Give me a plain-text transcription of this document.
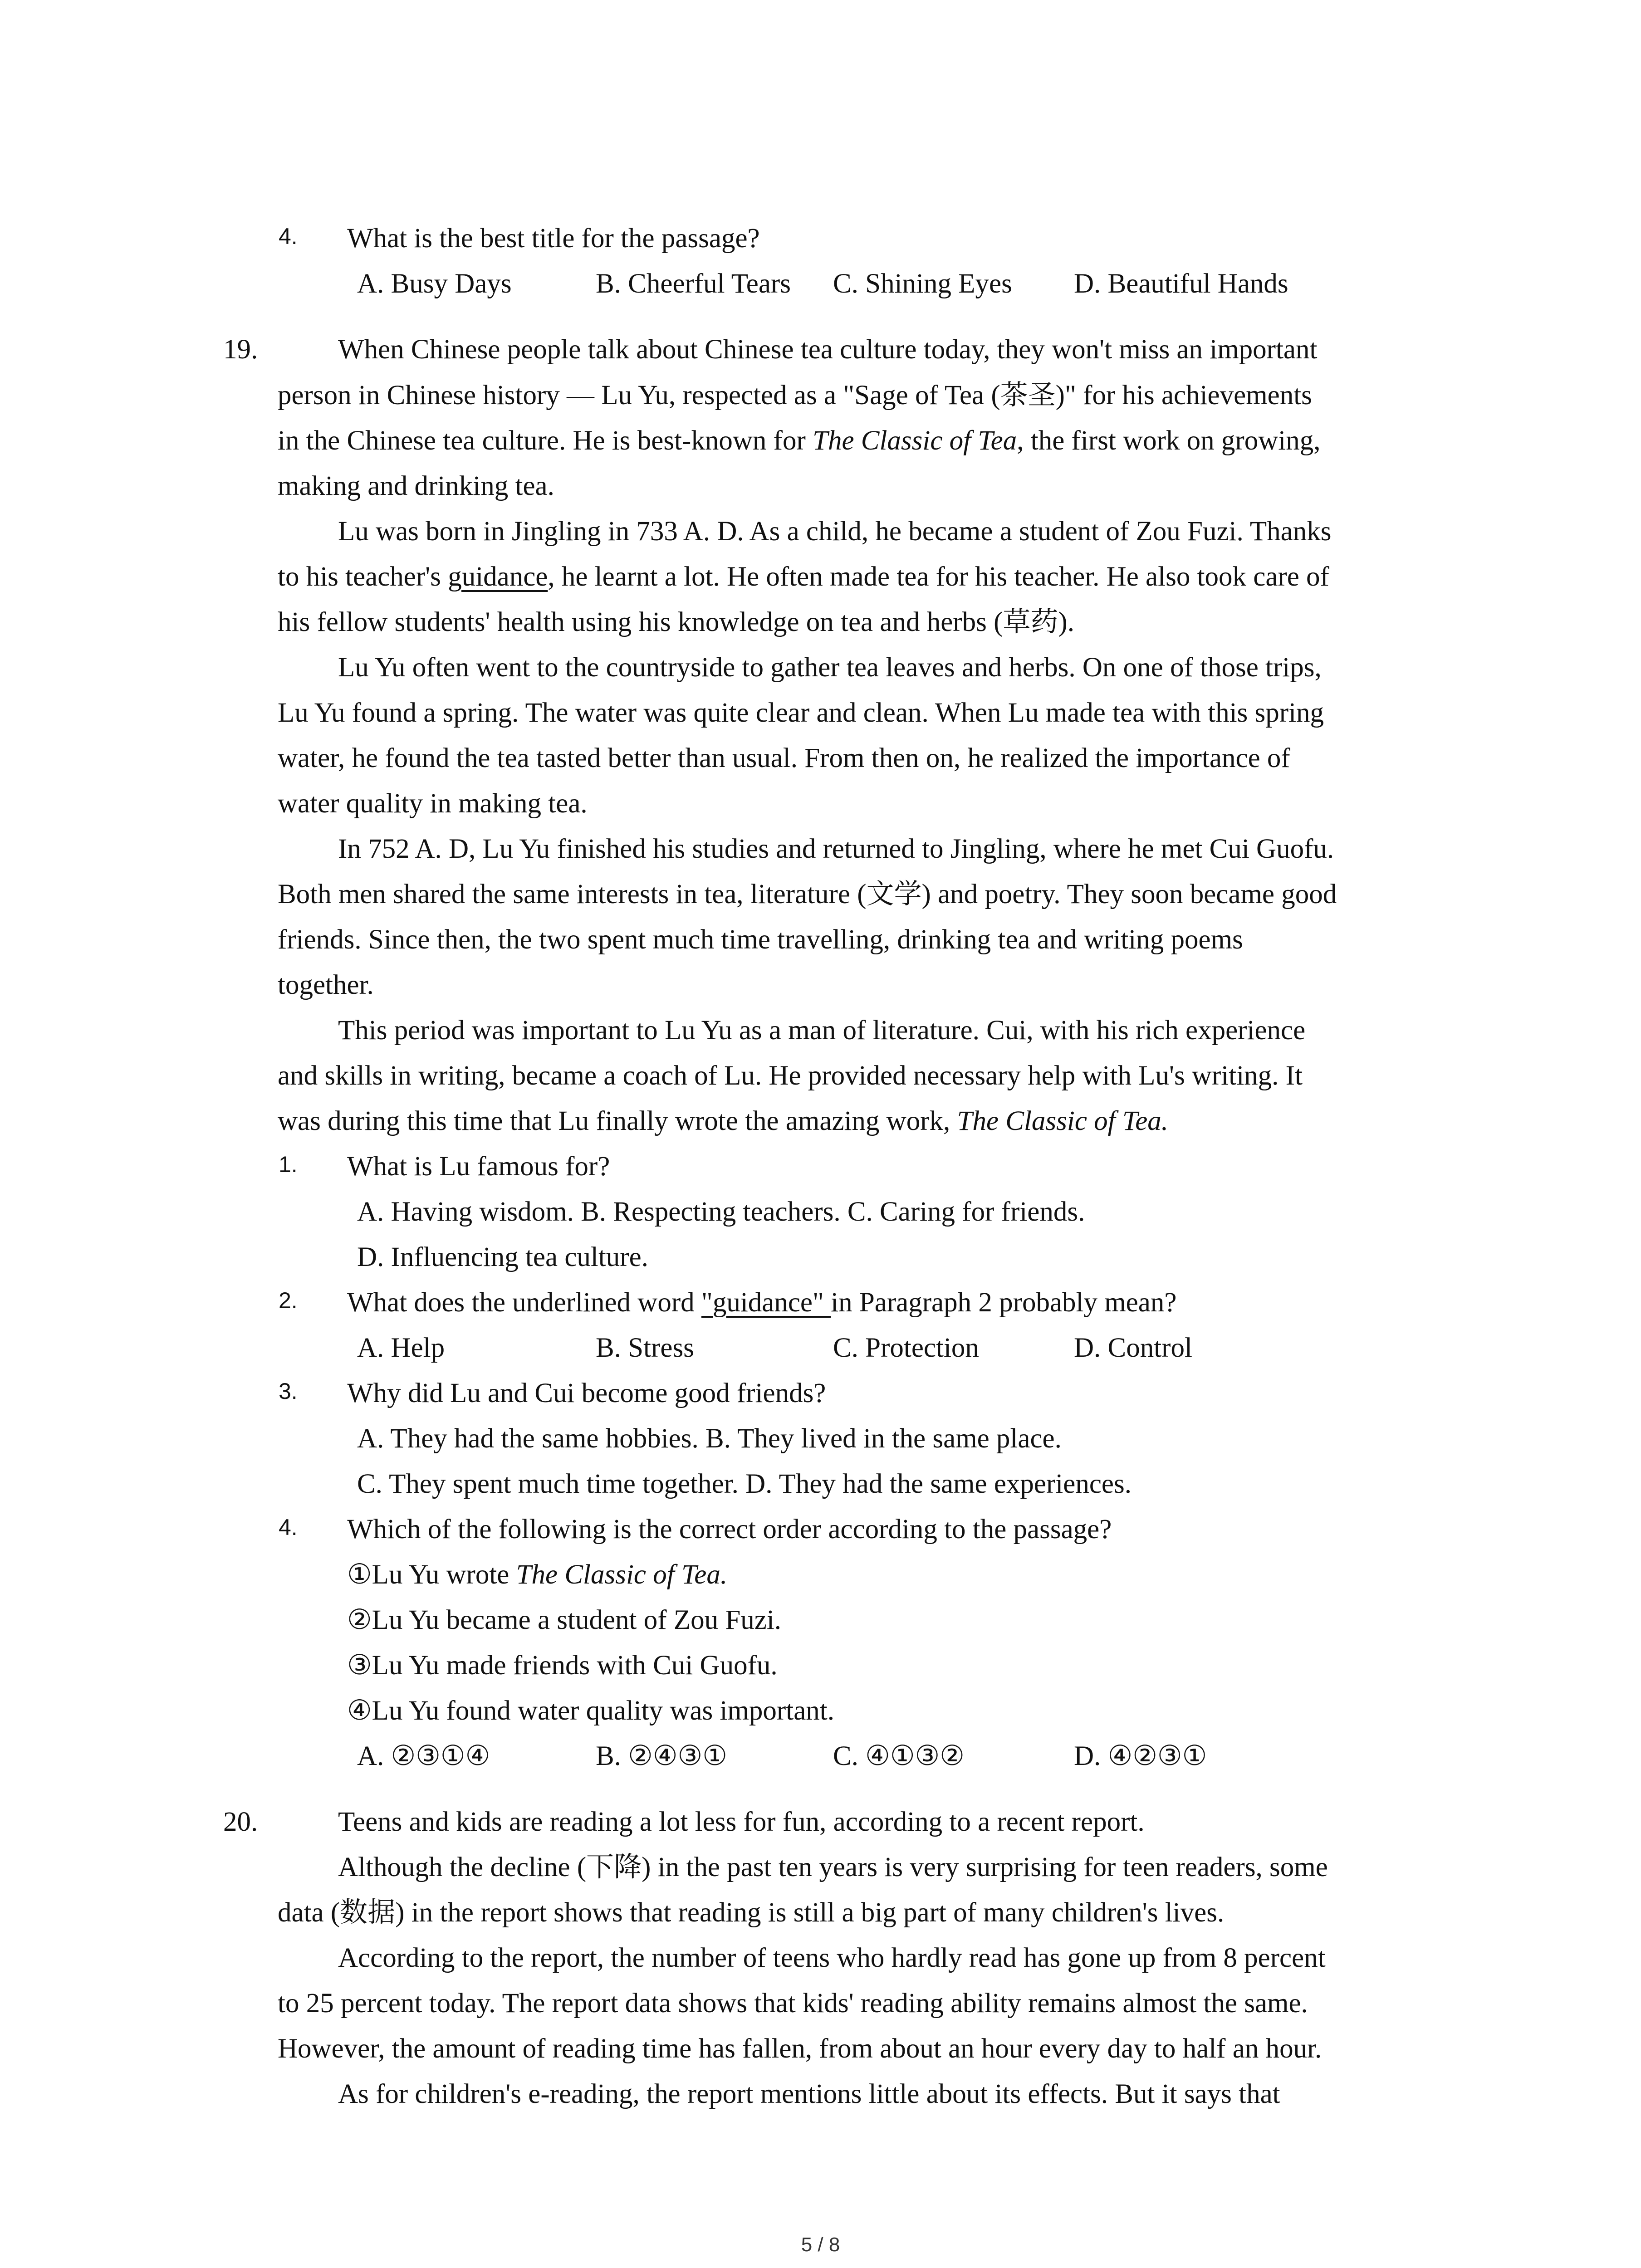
4. What is the best title for the passage?
A. Busy Days	B. Cheerful Tears C. Shining Eyes D. Beautiful Hands
19.	When Chinese people talk about Chinese tea culture today, they won't miss an important
person in Chinese history — Lu Yu, respected as a "Sage of Tea (茶圣)" for his achievements
in the Chinese tea culture. He is best-known for The Classic of Tea, the first work on growing,
making and drinking tea.
Lu was born in Jingling in 733 A. D. As a child, he became a student of Zou Fuzi. Thanks
to his teacher's guidance, he learnt a lot. He often made tea for his teacher. He also took care of
his fellow students' health using his knowledge on tea and herbs (草药).
Lu Yu often went to the countryside to gather tea leaves and herbs. On one of those trips,
Lu Yu found a spring. The water was quite clear and clean. When Lu made tea with this spring
water, he found the tea tasted better than usual. From then on, he realized the importance of
water quality in making tea.
In 752 A. D, Lu Yu finished his studies and returned to Jingling, where he met Cui Guofu.
Both men shared the same interests in tea, literature (文学) and poetry. They soon became good
friends. Since then, the two spent much time travelling, drinking tea and writing poems
together.
This period was important to Lu Yu as a man of literature. Cui, with his rich experience
and skills in writing, became a coach of Lu. He provided necessary help with Lu's writing. It
was during this time that Lu finally wrote the amazing work, The Classic of Tea.
1. What is Lu famous for?
A. Having wisdom. B. Respecting teachers. C. Caring for friends.
D. Influencing tea culture.
2. What does the underlined word "guidance" in Paragraph 2 probably mean?
A. Help	B. Stress	C. Protection	D. Control
3. Why did Lu and Cui become good friends?
A. They had the same hobbies. B. They lived in the same place.
C. They spent much time together. D. They had the same experiences.
4. Which of the following is the correct order according to the passage?
①Lu Yu wrote The Classic of Tea.
②Lu Yu became a student of Zou Fuzi.
③Lu Yu made friends with Cui Guofu.
④Lu Yu found water quality was important.
A. ②③①④	B. ②④③①	C. ④①③②	D. ④②③①
20.	Teens and kids are reading a lot less for fun, according to a recent report.
Although the decline (下降) in the past ten years is very surprising for teen readers, some
data (数据) in the report shows that reading is still a big part of many children's lives.
According to the report, the number of teens who hardly read has gone up from 8 percent
to 25 percent today. The report data shows that kids' reading ability remains almost the same.
However, the amount of reading time has fallen, from about an hour every day to half an hour.
As for children's e-reading, the report mentions little about its effects. But it says that
5 / 8
